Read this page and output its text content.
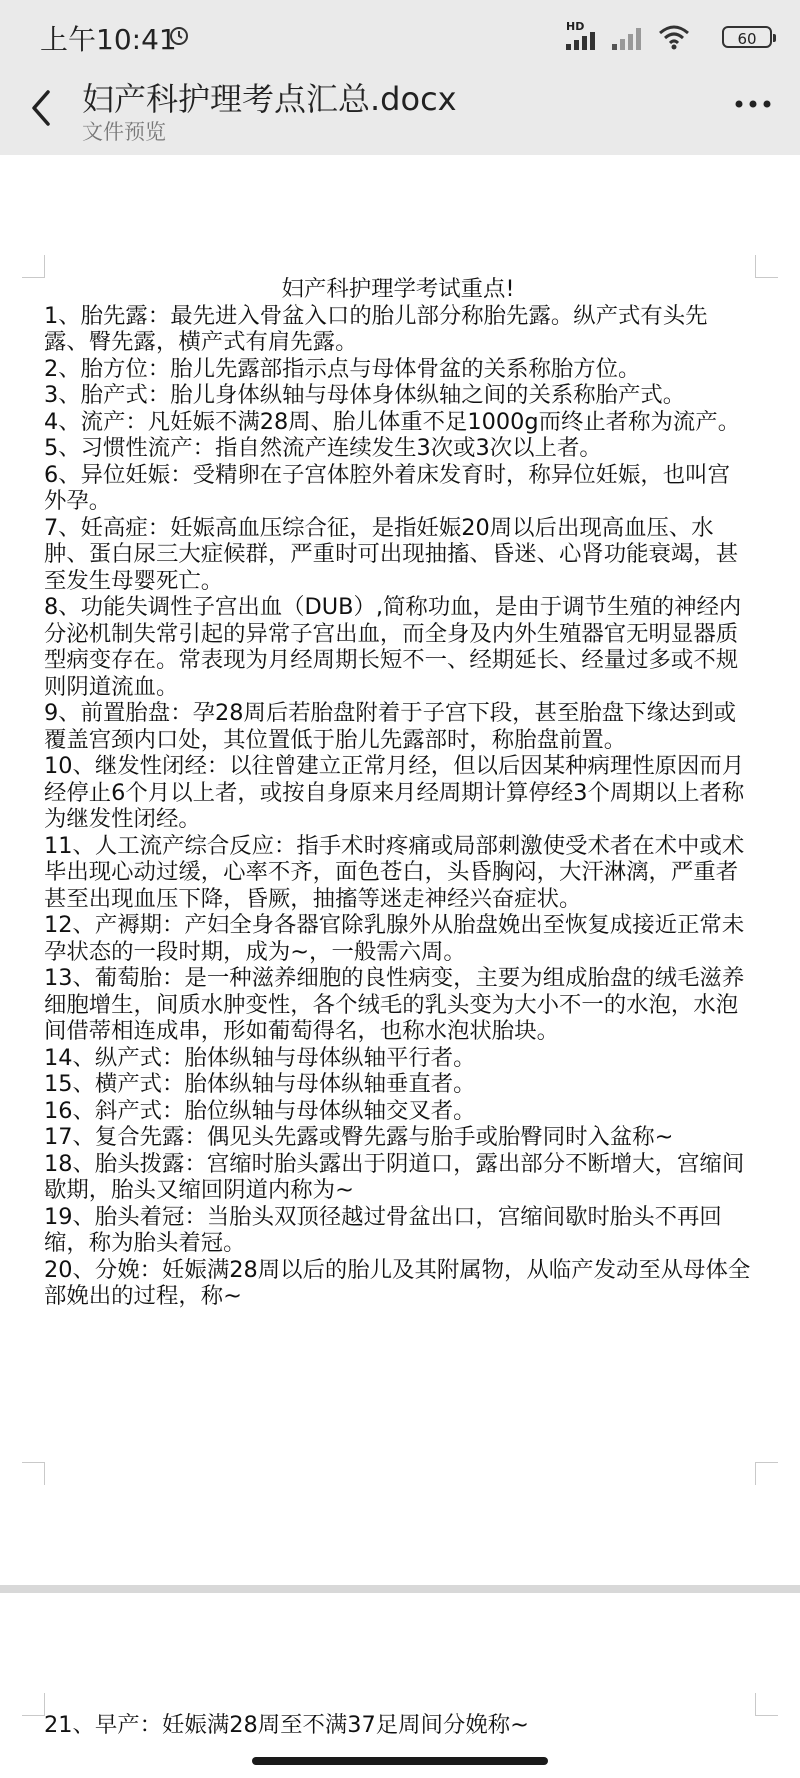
上午10:41	HD
60
妇产科护理考点汇总.docx
文件预览

妇产科护理学考试重点!

1、胎先露：最先进入骨盆入口的胎儿部分称胎先露。纵产式有头先露、臀先露，横产式有肩先露。

2、胎方位：胎儿先露部指示点与母体骨盆的关系称胎方位。

3、胎产式：胎儿身体纵轴与母体身体纵轴之间的关系称胎产式。

4、流产：凡妊娠不满28周、胎儿体重不足1000g而终止者称为流产。

5、习惯性流产：指自然流产连续发生3次或3次以上者。

6、异位妊娠：受精卵在子宫体腔外着床发育时，称异位妊娠，也叫宫外孕。

7、妊高症：妊娠高血压综合征，是指妊娠20周以后出现高血压、水肿、蛋白尿三大症候群，严重时可出现抽搐、昏迷、心肾功能衰竭，甚至发生母婴死亡。

8、功能失调性子宫出血（DUB）,简称功血，是由于调节生殖的神经内分泌机制失常引起的异常子宫出血，而全身及内外生殖器官无明显器质型病变存在。常表现为月经周期长短不一、经期延长、经量过多或不规则阴道流血。

9、前置胎盘：孕28周后若胎盘附着于子宫下段，甚至胎盘下缘达到或覆盖宫颈内口处，其位置低于胎儿先露部时，称胎盘前置。

10、继发性闭经：以往曾建立正常月经，但以后因某种病理性原因而月经停止6个月以上者，或按自身原来月经周期计算停经3个周期以上者称为继发性闭经。

11、人工流产综合反应：指手术时疼痛或局部刺激使受术者在术中或术毕出现心动过缓，心率不齐，面色苍白，头昏胸闷，大汗淋漓，严重者甚至出现血压下降，昏厥，抽搐等迷走神经兴奋症状。

12、产褥期：产妇全身各器官除乳腺外从胎盘娩出至恢复成接近正常未孕状态的一段时期，成为~，一般需六周。

13、葡萄胎：是一种滋养细胞的良性病变，主要为组成胎盘的绒毛滋养细胞增生，间质水肿变性，各个绒毛的乳头变为大小不一的水泡，水泡间借蒂相连成串，形如葡萄得名，也称水泡状胎块。

14、纵产式：胎体纵轴与母体纵轴平行者。

15、横产式：胎体纵轴与母体纵轴垂直者。

16、斜产式：胎位纵轴与母体纵轴交叉者。

17、复合先露：偶见头先露或臀先露与胎手或胎臀同时入盆称~

18、胎头拨露：宫缩时胎头露出于阴道口，露出部分不断增大，宫缩间歇期，胎头又缩回阴道内称为~

19、胎头着冠：当胎头双顶径越过骨盆出口，宫缩间歇时胎头不再回缩，称为胎头着冠。

20、分娩：妊娠满28周以后的胎儿及其附属物，从临产发动至从母体全部娩出的过程，称~

21、早产：妊娠满28周至不满37足周间分娩称~
